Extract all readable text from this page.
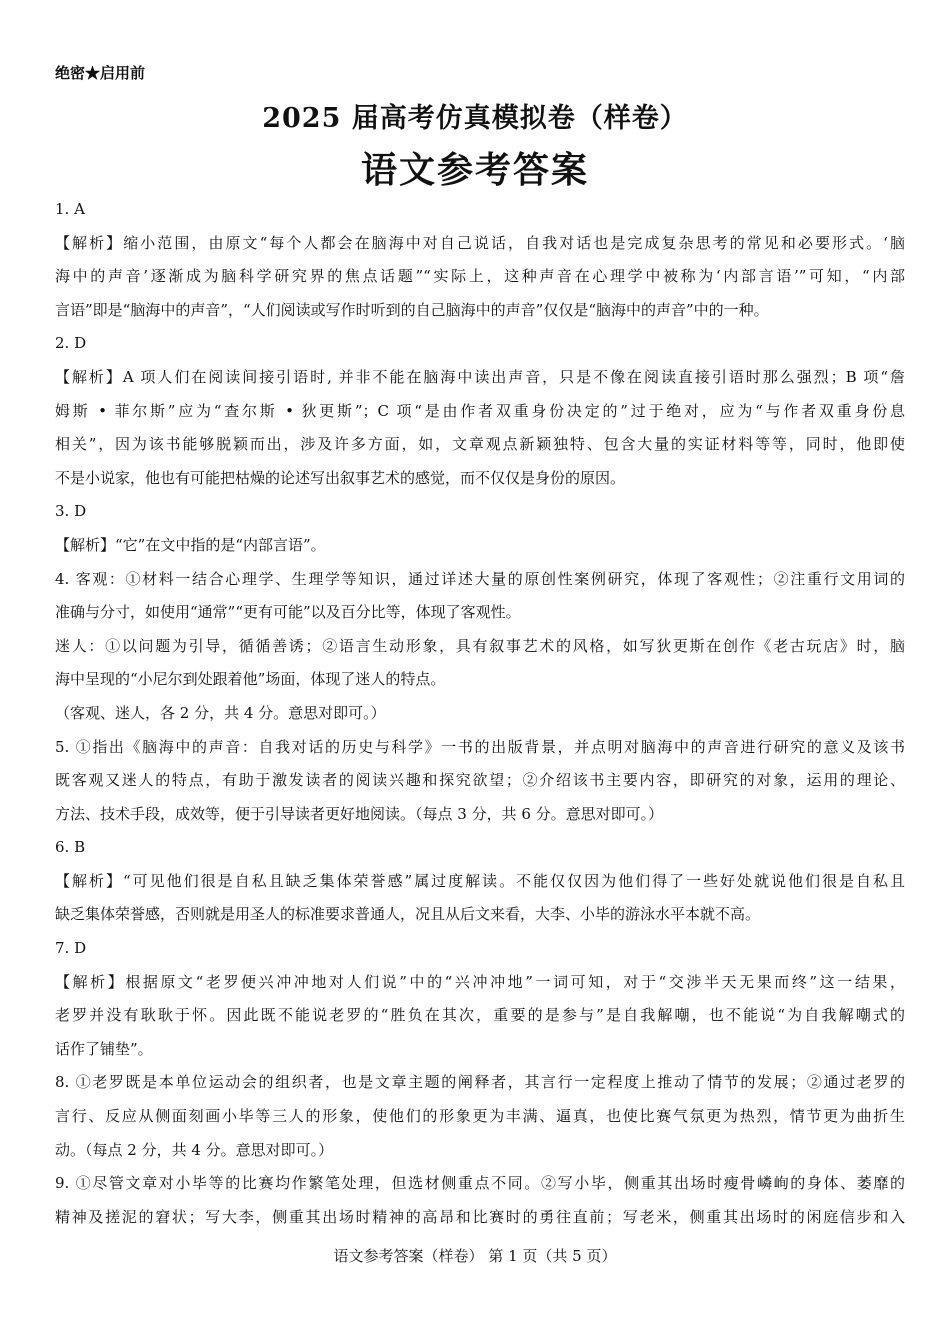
绝密★启用前
2025 届高考仿真模拟卷（样卷）
语文参考答案
1. A
【解析】缩小范围，由原文“每个人都会在脑海中对自己说话，自我对话也是完成复杂思考的常见和必要形式。‘脑
海中的声音’逐渐成为脑科学研究界的焦点话题”“实际上，这种声音在心理学中被称为‘内部言语’”可知，“内部
言语”即是“脑海中的声音”，“人们阅读或写作时听到的自己脑海中的声音”仅仅是“脑海中的声音”中的一种。
2. D
【解析】A 项人们在阅读间接引语时, 并非不能在脑海中读出声音，只是不像在阅读直接引语时那么强烈；B 项“詹
姆斯 • 菲尔斯”应为“查尔斯 • 狄更斯”；C 项“是由作者双重身份决定的”过于绝对，应为“与作者双重身份息
相关”，因为该书能够脱颖而出，涉及许多方面，如，文章观点新颖独特、包含大量的实证材料等等，同时，他即使
不是小说家，他也有可能把枯燥的论述写出叙事艺术的感觉，而不仅仅是身份的原因。
3. D
【解析】“它”在文中指的是“内部言语”。
4. 客观：①材料一结合心理学、生理学等知识，通过详述大量的原创性案例研究，体现了客观性；②注重行文用词的
准确与分寸，如使用“通常”“更有可能”以及百分比等，体现了客观性。
迷人：①以问题为引导，循循善诱；②语言生动形象，具有叙事艺术的风格，如写狄更斯在创作《老古玩店》时，脑
海中呈现的“小尼尔到处跟着他”场面，体现了迷人的特点。
（客观、迷人，各 2 分，共 4 分。意思对即可。）
5. ①指出《脑海中的声音：自我对话的历史与科学》一书的出版背景，并点明对脑海中的声音进行研究的意义及该书
既客观又迷人的特点，有助于激发读者的阅读兴趣和探究欲望；②介绍该书主要内容，即研究的对象，运用的理论、
方法、技术手段，成效等，便于引导读者更好地阅读。（每点 3 分，共 6 分。意思对即可。）
6. B
【解析】“可见他们很是自私且缺乏集体荣誉感”属过度解读。不能仅仅因为他们得了一些好处就说他们很是自私且
缺乏集体荣誉感，否则就是用圣人的标准要求普通人，况且从后文来看，大李、小毕的游泳水平本就不高。
7. D
【解析】根据原文“老罗便兴冲冲地对人们说”中的“兴冲冲地”一词可知，对于“交涉半天无果而终”这一结果，
老罗并没有耿耿于怀。因此既不能说老罗的“胜负在其次，重要的是参与”是自我解嘲，也不能说“为自我解嘲式的
话作了铺垫”。
8. ①老罗既是本单位运动会的组织者，也是文章主题的阐释者，其言行一定程度上推动了情节的发展；②通过老罗的
言行、反应从侧面刻画小毕等三人的形象，使他们的形象更为丰满、逼真，也使比赛气氛更为热烈，情节更为曲折生
动。（每点 2 分，共 4 分。意思对即可。）
9. ①尽管文章对小毕等的比赛均作繁笔处理，但选材侧重点不同。②写小毕，侧重其出场时瘦骨嶙峋的身体、萎靡的
精神及搓泥的窘状；写大李，侧重其出场时精神的高昂和比赛时的勇往直前；写老米，侧重其出场时的闲庭信步和入
语文参考答案（样卷） 第 1 页（共 5 页）
